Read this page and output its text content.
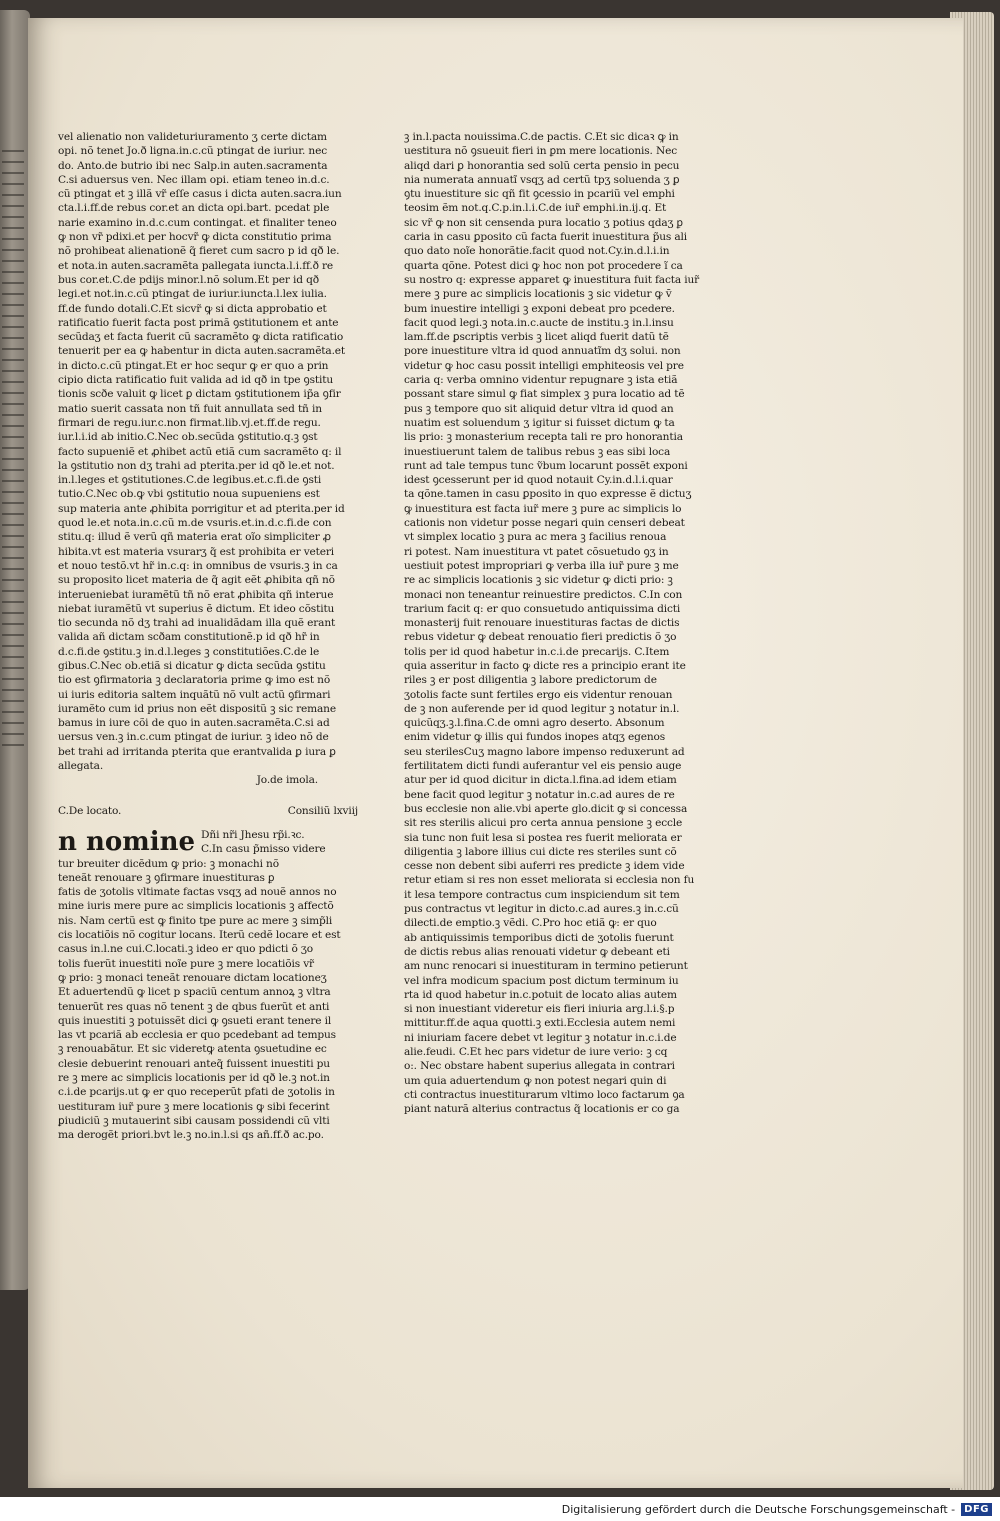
vel alienatio non valideturiuramento ʒ certe dictam

opi. nõ tenet Jo.ð ligna.in.c.cũ ptingat de iuriur. nec

do. Anto.de butrio ibi nec Salp.in auten.sacramenta

C.si aduersus ven. Nec illam opi. etiam teneo in.d.c.

cũ ptingat et ꝫ illã vr̃ eſſe casus i dicta auten.sacra.iun

cta.l.i.ff.de rebus cor.et an dicta opi.bart. pcedat ple

narie examino in.d.c.cum contingat. et finaliter teneo

ꝙ non vr̃ pdixi.et per hocvr̃ ꝙ dicta constitutio prima

nõ prohibeat alienationẽ q̃ fieret cum sacro p id qð le.

et nota.in auten.sacramẽta pallegata iuncta.l.i.ff.ð re

bus cor.et.C.de pdijs minor.l.nõ solum.Et per id qð

legi.et not.in.c.cũ ptingat de iuriur.iuncta.l.lex iulia.

ff.de fundo dotali.C.Et sicvr̃ ꝙ si dicta approbatio et

ratificatio fuerit facta post primã ꝯstitutionem et ante

secũdaʒ et facta fuerit cũ sacramẽto ꝙ dicta ratificatio

tenuerit per ea ꝙ habentur in dicta auten.sacramẽta.et

in dicto.c.cũ ptingat.Et er hoc sequr ꝙ er quo a prin

cipio dicta ratificatio fuit valida ad id qð in tpe ꝯstitu

tionis scðe valuit ꝙ licet ꝑ dictam ꝯstitutionem ip̃a ꝯfir

matio suerit cassata non tñ fuit annullata sed tñ in

firmari de regu.iur.c.non firmat.lib.vj.et.ff.de regu.

iur.l.i.id ab initio.C.Nec ob.secũda ꝯstitutio.q.ꝫ ꝯst

facto supueniẽ et ꝓhibet actũ etiã cum sacramẽto q: il

la ꝯstitutio non dʒ trahi ad pterita.per id qð le.et not.

in.l.leges et ꝯstitutiones.C.de legibus.et.c.fi.de ꝯsti

tutio.C.Nec ob.ꝙ vbi ꝯstitutio noua supueniens est

sup materia ante ꝓhibita porrigitur et ad pterita.per id

quod le.et nota.in.c.cũ m.de vsuris.et.in.d.c.fi.de con

stitu.q: illud ẽ verũ qñ materia erat oĩo simpliciter ꝓ

hibita.vt est materia vsurarʒ q̃ est prohibita er veteri

et nouo testõ.vt hr̃ in.c.q: in omnibus de vsuris.ꝫ in ca

su proposito licet materia de q̃ agit eẽt ꝓhibita qñ nõ

interueniebat iuramẽtũ tñ nõ erat ꝓhibita qñ interue

niebat iuramẽtũ vt superius ẽ dictum. Et ideo cõstitu

tio secunda nõ dʒ trahi ad inualidãdam illa quẽ erant

valida añ dictam scðam constitutionẽ.p id qð hr̃ in

d.c.fi.de ꝯstitu.ꝫ in.d.l.leges ꝫ constitutiões.C.de le

gibus.C.Nec ob.etiã si dicatur ꝙ dicta secũda ꝯstitu

tio est ꝯfirmatoria ꝫ declaratoria prime ꝙ imo est nõ

ui iuris editoria saltem inquãtũ nõ vult actũ ꝯfirmari

iuramẽto cum id prius non eẽt dispositũ ꝫ sic remane

bamus in iure cõi de quo in auten.sacramẽta.C.si ad

uersus ven.ꝫ in.c.cum ptingat de iuriur. ꝫ ideo nõ de

bet trahi ad irritanda pterita que erantvalida ꝑ iura ꝑ

allegata.

Jo.de imola.
C.De locato.	Consiliũ lxviij
n nomine Dñi nr̃i Jhesu rp̃i.ꝛc.

C.In casu p̃misso videre

tur breuiter dicẽdum ꝙ prio: ꝫ monachi nõ

teneãt renouare ꝫ ꝯfirmare inuestituras ꝑ

fatis de ʒotolis vltimate factas vsqʒ ad nouẽ annos no

mine iuris mere pure ac simplicis locationis ꝫ affectõ

nis. Nam certũ est ꝙ finito tpe pure ac mere ꝫ simp̃li

cis locatiõis nõ cogitur locans. Iterũ cedẽ locare et est

casus in.l.ne cui.C.locati.ꝫ ideo er quo pdicti õ ʒo

tolis fuerũt inuestiti noĩe pure ꝫ mere locatiõis vr̃

ꝙ prio: ꝫ monaci teneãt renouare dictam locationeʒ

Et aduertendũ ꝙ licet p spaciũ centum annoꝝ ꝫ vltra

tenuerũt res quas nõ tenent ꝫ de qbus fuerũt et anti

quis inuestiti ꝫ potuissẽt dici ꝙ ꝯsueti erant tenere il

las vt pcariã ab ecclesia er quo pcedebant ad tempus

ꝫ renouabãtur. Et sic videretꝙ atenta ꝯsuetudine ec

clesie debuerint renouari anteq̃ fuissent inuestiti pu

re ꝫ mere ac simplicis locationis per id qð le.ꝫ not.in

c.i.de pcarijs.ut ꝙ er quo receperũt pfati de ʒotolis in

uestituram iur̃ pure ꝫ mere locationis ꝙ sibi fecerint

ꝑiudiciũ ꝫ mutauerint sibi causam possidendi cũ vlti

ma derogẽt priori.bvt le.ꝫ no.in.l.si qs añ.ff.ð ac.po.

ꝫ in.l.pacta nouissima.C.de pactis. C.Et sic dicaꝛ ꝙ in

uestitura nõ ꝯsueuit fieri in ꝑm mere locationis. Nec

aliqd dari ꝑ honorantia sed solũ certa pensio in pecu

nia numerata annuatĩ vsqʒ ad certũ tpʒ soluenda ʒ ꝑ

ꝯtu inuestiture sic qñ fit ꝯcessio in pcariũ vel emphi

teosim ẽm not.q.C.p.in.l.i.C.de iur̃ emphi.in.ij.q. Et

sic vr̃ ꝙ non sit censenda pura locatio ʒ potius qdaʒ ꝑ

caria in casu ꝑposito cũ facta fuerit inuestitura p̃us ali

quo dato noĩe honorãtie.facit quod not.Cy.in.d.l.i.in

quarta qõne. Potest dici ꝙ hoc non pot procedere ĩ ca

su nostro q: expresse apparet ꝙ inuestitura fuit facta iur̃

mere ꝫ pure ac simplicis locationis ꝫ sic videtur ꝙ v̄

bum inuestire intelligi ꝫ exponi debeat pro pcedere.

facit quod legi.ꝫ nota.in.c.aucte de institu.ꝫ in.l.insu

lam.ff.de ꝑscriptis verbis ꝫ licet aliqd fuerit datũ tẽ

pore inuestiture vltra id quod annuatĩm dʒ solui. non

videtur ꝙ hoc casu possit intelligi emphiteosis vel pre

caria q: verba omnino videntur repugnare ꝫ ista etiã

possant stare simul ꝙ fiat simplex ꝫ pura locatio ad tẽ

pus ꝫ tempore quo sit aliquid detur vltra id quod an

nuatim est soluendum ʒ igitur si fuisset dictum ꝙ ta

lis prio: ꝫ monasterium recepta tali re pro honorantia

inuestiuerunt talem de talibus rebus ꝫ eas sibi loca

runt ad tale tempus tunc ṽbum locarunt possẽt exponi

idest ꝯcesserunt per id quod notauit Cy.in.d.l.i.quar

ta qõne.tamen in casu ꝑposito in quo expresse ẽ dictuʒ

ꝙ inuestitura est facta iur̃ mere ꝫ pure ac simplicis lo

cationis non videtur posse negari quin censeri debeat

vt simplex locatio ꝫ pura ac mera ꝫ facilius renoua

ri potest. Nam inuestitura vt patet cõsuetudo ꝯʒ in

uestiuit potest impropriari ꝙ verba illa iur̃ pure ꝫ me

re ac simplicis locationis ꝫ sic videtur ꝙ dicti prio: ꝫ

monaci non teneantur reinuestire predictos. C.In con

trarium facit q: er quo consuetudo antiquissima dicti

monasterij fuit renouare inuestituras factas de dictis

rebus videtur ꝙ debeat renouatio fieri predictis õ ʒo

tolis per id quod habetur in.c.i.de precarijs. C.Item

quia asseritur in facto ꝙ dicte res a principio erant ite

riles ꝫ er post diligentia ꝫ labore predictorum de

ʒotolis facte sunt fertiles ergo eis videntur renouan

de ꝫ non auferende per id quod legitur ꝫ notatur in.l.

quicũqʒ.ꝫ.l.fina.C.de omni agro deserto. Absonum

enim videtur ꝙ illis qui fundos inopes atqʒ egenos

seu sterilesCuʒ magno labore impenso reduxerunt ad

fertilitatem dicti fundi auferantur vel eis pensio auge

atur per id quod dicitur in dicta.l.fina.ad idem etiam

bene facit quod legitur ꝫ notatur in.c.ad aures de re

bus ecclesie non alie.vbi aperte glo.dicit ꝙ si concessa

sit res sterilis alicui pro certa annua pensione ꝫ eccle

sia tunc non fuit lesa si postea res fuerit meliorata er

diligentia ꝫ labore illius cui dicte res steriles sunt cõ

cesse non debent sibi auferri res predicte ꝫ idem vide

retur etiam si res non esset meliorata si ecclesia non fu

it lesa tempore contractus cum inspiciendum sit tem

pus contractus vt legitur in dicto.c.ad aures.ꝫ in.c.cũ

dilecti.de emptio.ꝫ vẽdi. C.Pro hoc etiã ꝙ: er quo

ab antiquissimis temporibus dicti de ʒotolis fuerunt

de dictis rebus alias renouati videtur ꝙ debeant eti

am nunc renocari si inuestituram in termino petierunt

vel infra modicum spacium post dictum terminum iu

rta id quod habetur in.c.potuit de locato alias autem

si non inuestiant videretur eis fieri iniuria arg.l.i.§.p

mittitur.ff.de aqua quotti.ꝫ exti.Ecclesia autem nemi

ni iniuriam facere debet vt legitur ꝫ notatur in.c.i.de

alie.feudi. C.Et hec pars videtur de iure verio: ꝫ cq

o:. Nec obstare habent superius allegata in contrari

um quia aduertendum ꝙ non potest negari quin di

cti contractus inuestiturarum vltimo loco factarum ꝯa

piant naturã alterius contractus q̃ locationis er co ga

Digitalisierung gefördert durch die Deutsche Forschungsgemeinschaft - DFG
